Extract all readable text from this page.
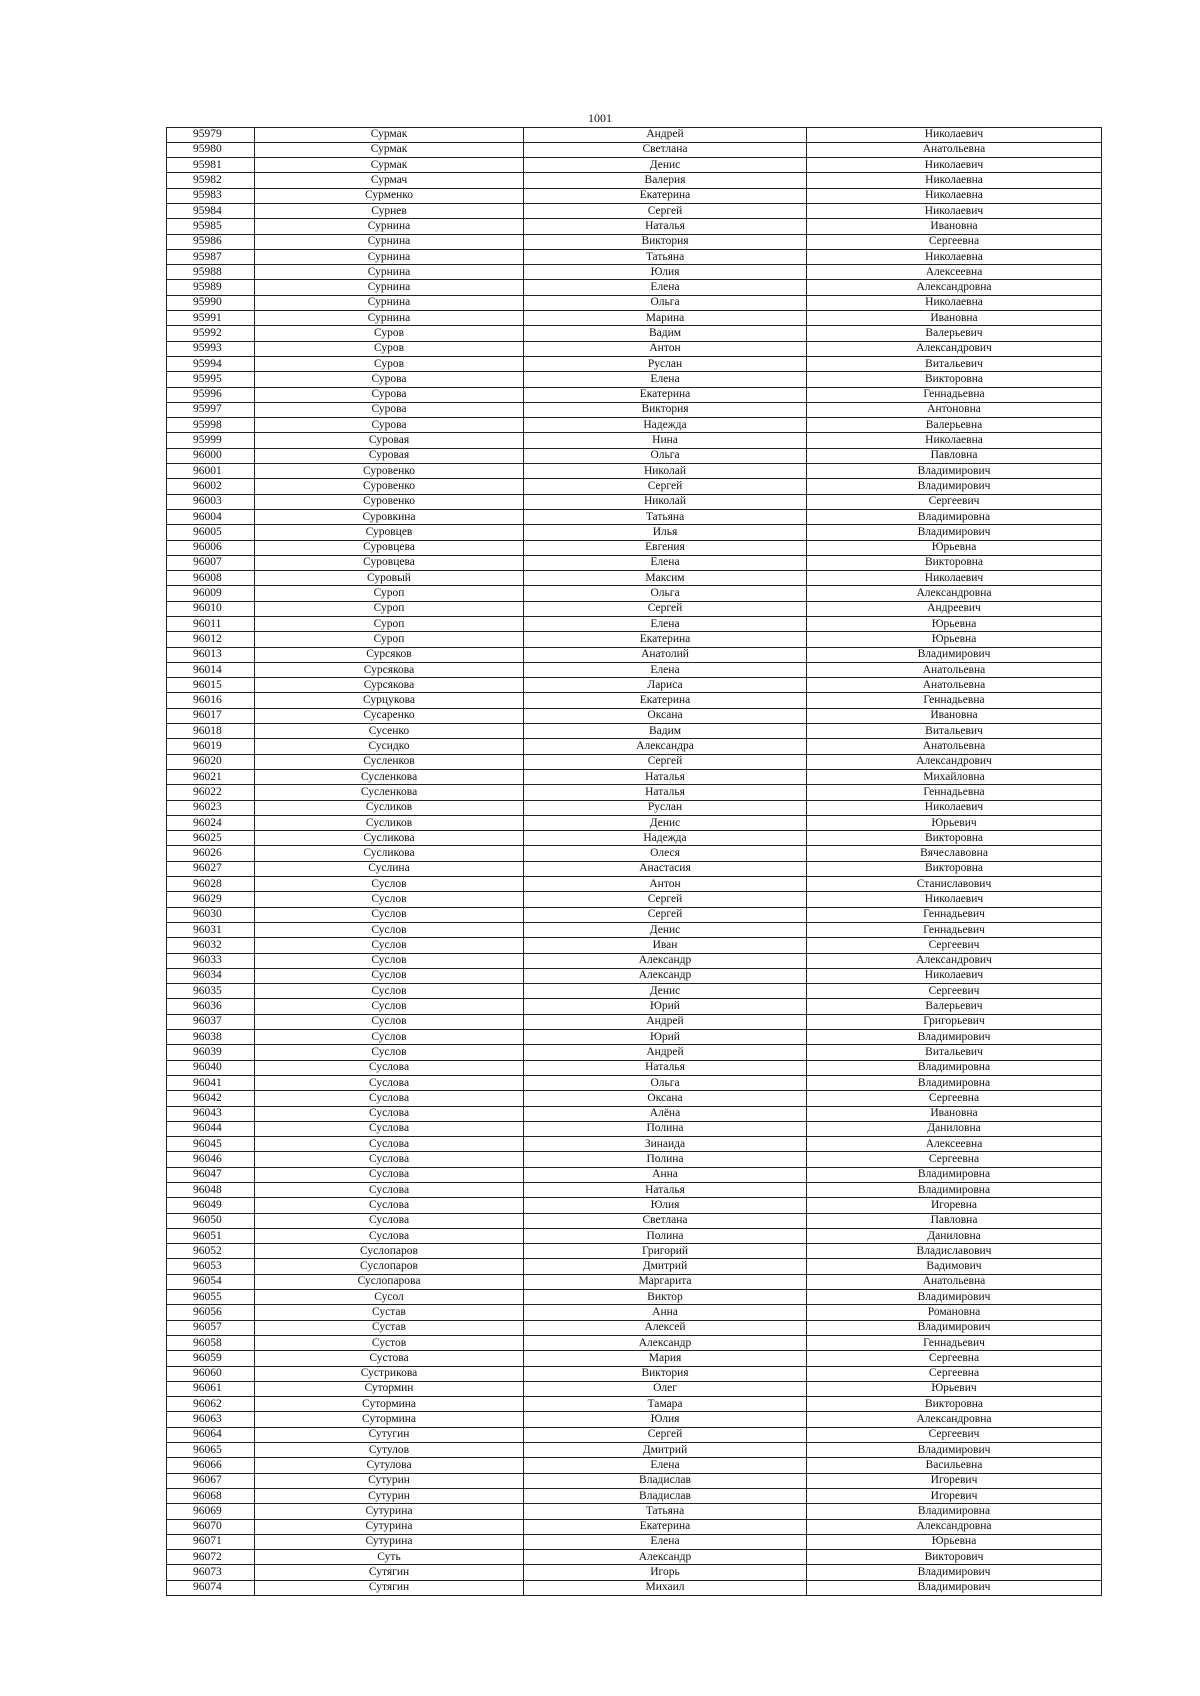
1001
95979	Сурмак	Андрей	Николаевич
95980	Сурмак	Светлана	Анатольевна
95981	Сурмак	Денис	Николаевич
95982	Сурмач	Валерия	Николаевна
95983	Сурменко	Екатерина	Николаевна
95984	Сурнев	Сергей	Николаевич
95985	Сурнина	Наталья	Ивановна
95986	Сурнина	Виктория	Сергеевна
95987	Сурнина	Татьяна	Николаевна
95988	Сурнина	Юлия	Алексеевна
95989	Сурнина	Елена	Александровна
95990	Сурнина	Ольга	Николаевна
95991	Сурнина	Марина	Ивановна
95992	Суров	Вадим	Валерьевич
95993	Суров	Антон	Александрович
95994	Суров	Руслан	Витальевич
95995	Сурова	Елена	Викторовна
95996	Сурова	Екатерина	Геннадьевна
95997	Сурова	Виктория	Антоновна
95998	Сурова	Надежда	Валерьевна
95999	Суровая	Нина	Николаевна
96000	Суровая	Ольга	Павловна
96001	Суровенко	Николай	Владимирович
96002	Суровенко	Сергей	Владимирович
96003	Суровенко	Николай	Сергеевич
96004	Суровкина	Татьяна	Владимировна
96005	Суровцев	Илья	Владимирович
96006	Суровцева	Евгения	Юрьевна
96007	Суровцева	Елена	Викторовна
96008	Суровый	Максим	Николаевич
96009	Суроп	Ольга	Александровна
96010	Суроп	Сергей	Андреевич
96011	Суроп	Елена	Юрьевна
96012	Суроп	Екатерина	Юрьевна
96013	Сурсяков	Анатолий	Владимирович
96014	Сурсякова	Елена	Анатольевна
96015	Сурсякова	Лариса	Анатольевна
96016	Сурцукова	Екатерина	Геннадьевна
96017	Сусаренко	Оксана	Ивановна
96018	Сусенко	Вадим	Витальевич
96019	Сусидко	Александра	Анатольевна
96020	Сусленков	Сергей	Александрович
96021	Сусленкова	Наталья	Михайловна
96022	Сусленкова	Наталья	Геннадьевна
96023	Сусликов	Руслан	Николаевич
96024	Сусликов	Денис	Юрьевич
96025	Сусликова	Надежда	Викторовна
96026	Сусликова	Олеся	Вячеславовна
96027	Суслина	Анастасия	Викторовна
96028	Суслов	Антон	Станиславович
96029	Суслов	Сергей	Николаевич
96030	Суслов	Сергей	Геннадьевич
96031	Суслов	Денис	Геннадьевич
96032	Суслов	Иван	Сергеевич
96033	Суслов	Александр	Александрович
96034	Суслов	Александр	Николаевич
96035	Суслов	Денис	Сергеевич
96036	Суслов	Юрий	Валерьевич
96037	Суслов	Андрей	Григорьевич
96038	Суслов	Юрий	Владимирович
96039	Суслов	Андрей	Витальевич
96040	Суслова	Наталья	Владимировна
96041	Суслова	Ольга	Владимировна
96042	Суслова	Оксана	Сергеевна
96043	Суслова	Алёна	Ивановна
96044	Суслова	Полина	Даниловна
96045	Суслова	Зинаида	Алексеевна
96046	Суслова	Полина	Сергеевна
96047	Суслова	Анна	Владимировна
96048	Суслова	Наталья	Владимировна
96049	Суслова	Юлия	Игоревна
96050	Суслова	Светлана	Павловна
96051	Суслова	Полина	Даниловна
96052	Суслопаров	Григорий	Владиславович
96053	Суслопаров	Дмитрий	Вадимович
96054	Суслопарова	Маргарита	Анатольевна
96055	Сусол	Виктор	Владимирович
96056	Сустав	Анна	Романовна
96057	Сустав	Алексей	Владимирович
96058	Сустов	Александр	Геннадьевич
96059	Сустова	Мария	Сергеевна
96060	Сустрикова	Виктория	Сергеевна
96061	Сутормин	Олег	Юрьевич
96062	Сутормина	Тамара	Викторовна
96063	Сутормина	Юлия	Александровна
96064	Сутугин	Сергей	Сергеевич
96065	Сутулов	Дмитрий	Владимирович
96066	Сутулова	Елена	Васильевна
96067	Сутурин	Владислав	Игоревич
96068	Сутурин	Владислав	Игоревич
96069	Сутурина	Татьяна	Владимировна
96070	Сутурина	Екатерина	Александровна
96071	Сутурина	Елена	Юрьевна
96072	Суть	Александр	Викторович
96073	Сутягин	Игорь	Владимирович
96074	Сутягин	Михаил	Владимирович
